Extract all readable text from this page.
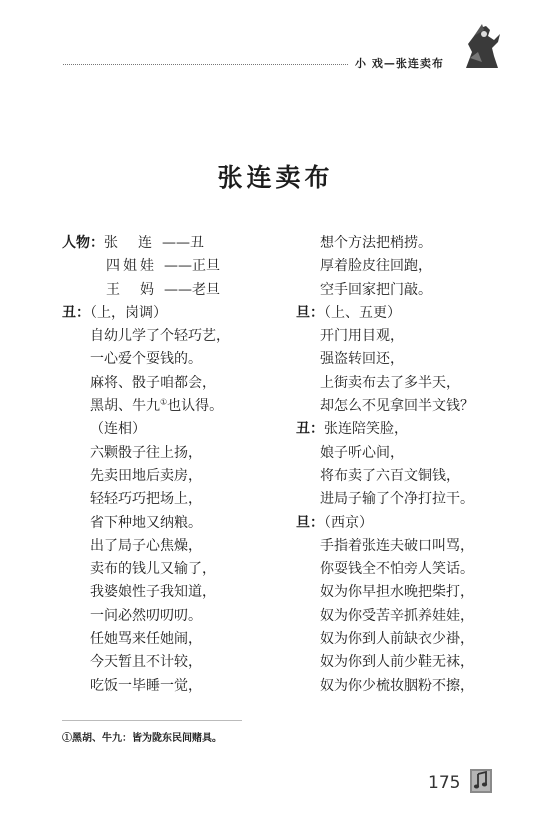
小 戏—张连卖布
张连卖布
人物：张　连 ——丑
四姐娃 ——正旦
王　妈 ——老旦
丑：（上，岗调）
自幼儿学了个轻巧艺，
一心爱个耍钱的。
麻将、骰子咱都会，
黑胡、牛九①也认得。
（连相）
六颗骰子往上扬，
先卖田地后卖房，
轻轻巧巧把场上，
省下种地又纳粮。
出了局子心焦燥，
卖布的钱儿又输了，
我婆娘性子我知道，
一问必然叨叨叨。
任她骂来任她闹，
今天暂且不计较，
吃饭一毕睡一觉，
想个方法把梢捞。
厚着脸皮往回跑，
空手回家把门敲。
旦：（上、五更）
开门用目观，
强盗转回还，
上街卖布去了多半天，
却怎么不见拿回半文钱？
丑：张连陪笑脸，
娘子听心间，
将布卖了六百文铜钱，
进局子输了个净打拉干。
旦：（西京）
手指着张连夫破口叫骂，
你耍钱全不怕旁人笑话。
奴为你早担水晚把柴打，
奴为你受苦辛抓养娃娃，
奴为你到人前缺衣少褂，
奴为你到人前少鞋无袜，
奴为你少梳妆胭粉不擦，
①黑胡、牛九：皆为陇东民间赌具。
175
